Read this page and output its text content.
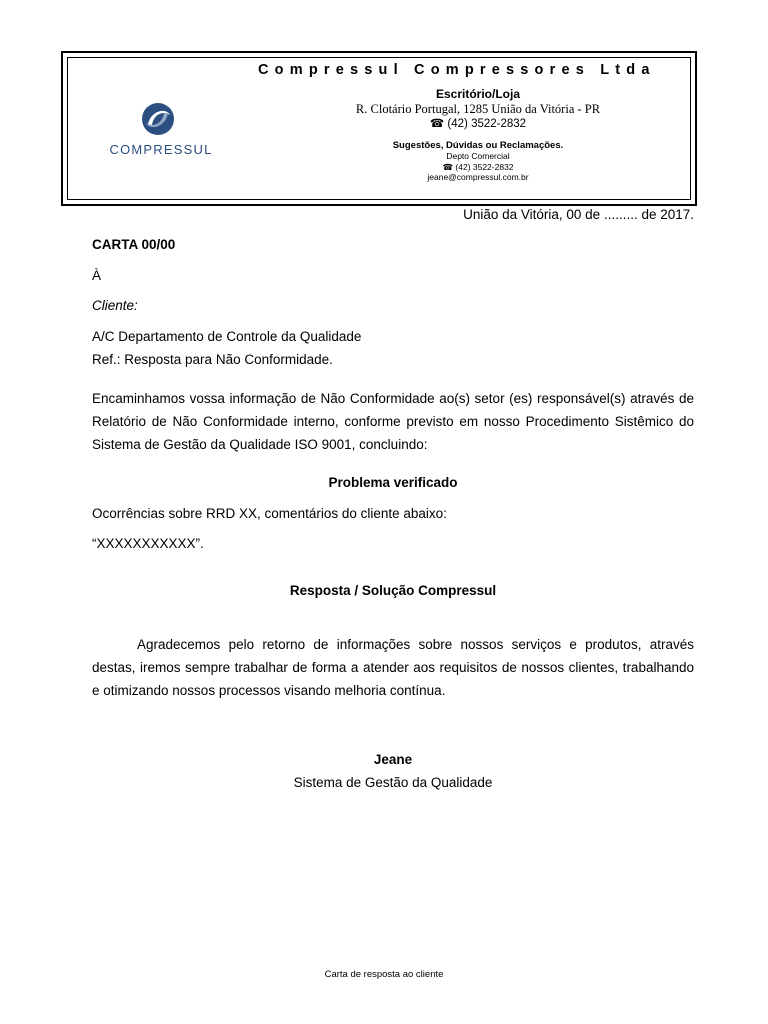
Compressul Compressores Ltda
COMPRESSUL
Escritório/Loja
R. Clotário Portugal, 1285 União da Vitória - PR
☎ (42) 3522-2832
Sugestões, Dúvidas ou Reclamações.
Depto Comercial
☎ (42) 3522-2832
jeane@compressul.com.br
União da Vitória, 00 de ......... de 2017.
CARTA 00/00
À
Cliente:
A/C Departamento de Controle da Qualidade
Ref.: Resposta para Não Conformidade.

Encaminhamos vossa informação de Não Conformidade ao(s) setor (es) responsável(s) através de Relatório de Não Conformidade interno, conforme previsto em nosso Procedimento Sistêmico do Sistema de Gestão da Qualidade ISO 9001, concluindo:

Problema verificado
Ocorrências sobre RRD XX, comentários do cliente abaixo:
“XXXXXXXXXXX”.
Resposta / Solução Compressul

Agradecemos pelo retorno de informações sobre nossos serviços e produtos, através destas, iremos sempre trabalhar de forma a atender aos requisitos de nossos clientes, trabalhando e otimizando nossos processos visando melhoria contínua.

Jeane
Sistema de Gestão da Qualidade
Carta de resposta ao cliente
